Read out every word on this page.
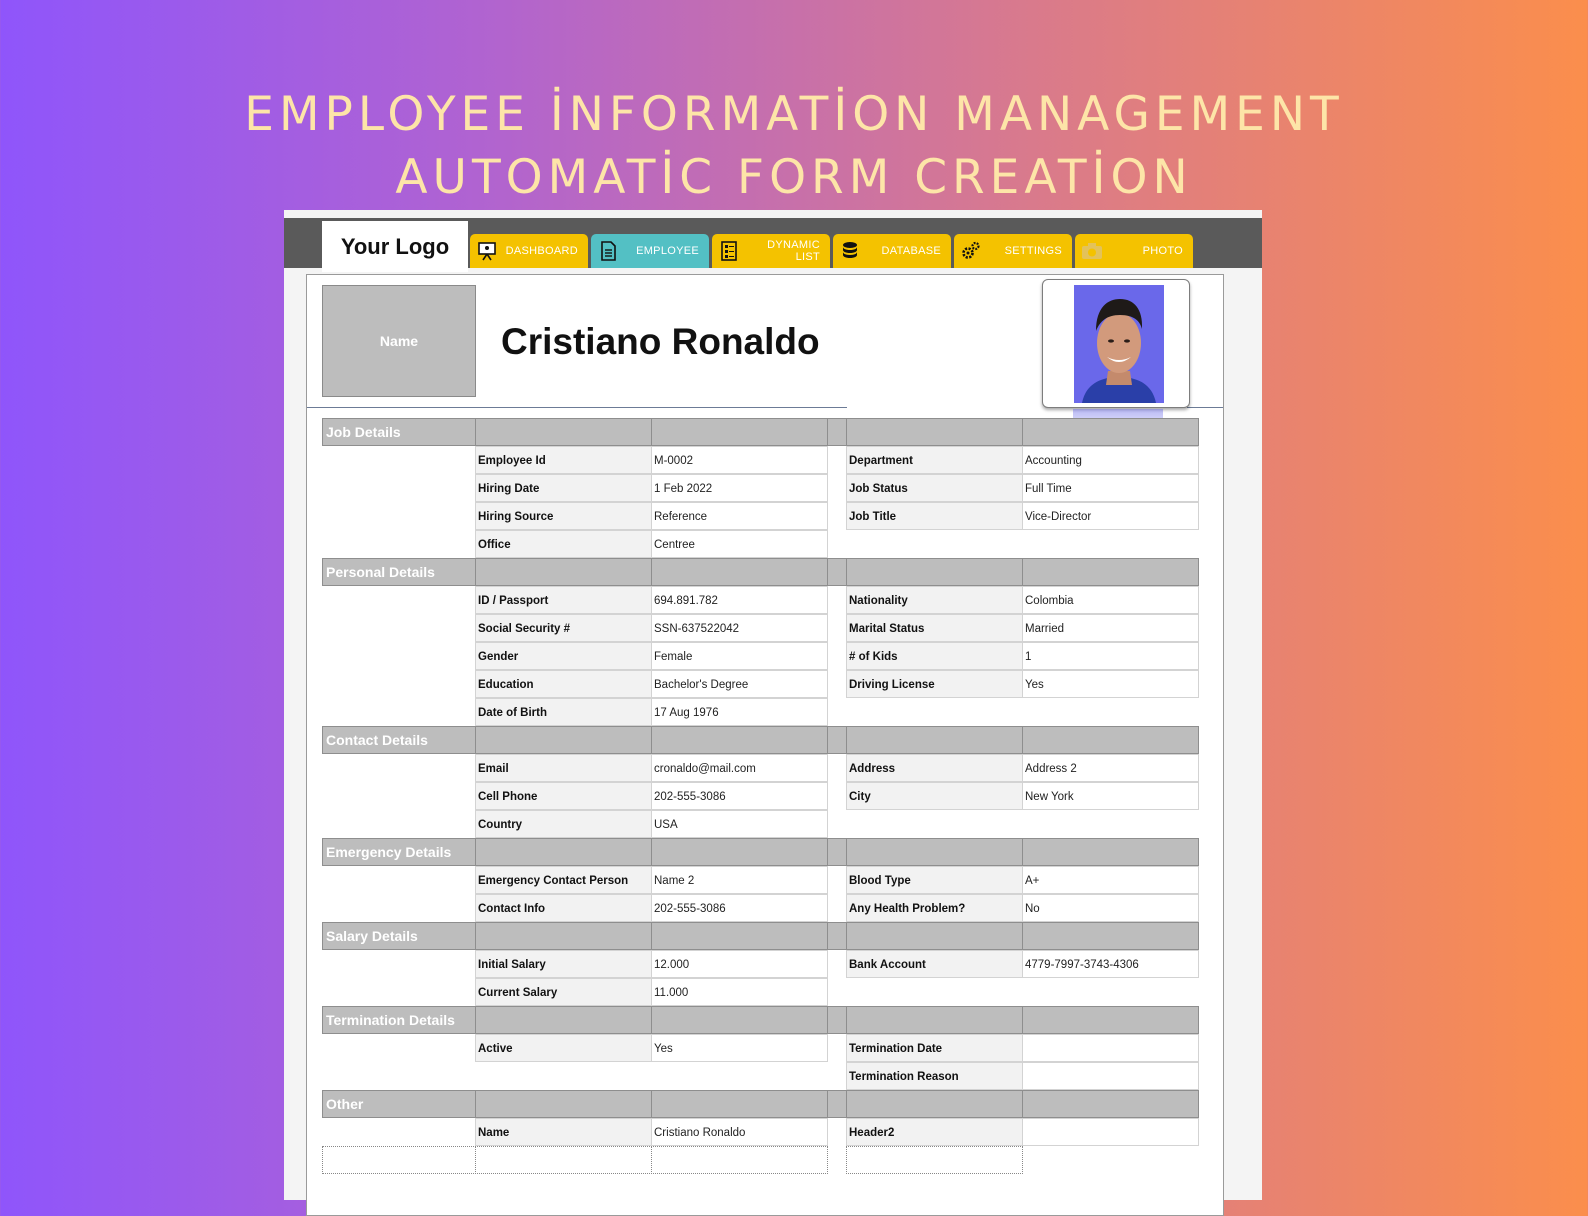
EMPLOYEE İNFORMATİON MANAGEMENT
AUTOMATİC FORM CREATİON
Your Logo	DASHBOARD	EMPLOYEE	DYNAMIC LIST	DATABASE	SETTINGS	PHOTO
Name	Cristiano Ronaldo
Job Details
Employee Id	M-0002	Department	Accounting
Hiring Date	1 Feb 2022	Job Status	Full Time
Hiring Source	Reference	Job Title	Vice-Director
Office	Centree
Personal Details
ID / Passport	694.891.782	Nationality	Colombia
Social Security #	SSN-637522042	Marital Status	Married
Gender	Female	# of Kids	1
Education	Bachelor's Degree	Driving License	Yes
Date of Birth	17 Aug 1976
Contact Details
Email	cronaldo@mail.com	Address	Address 2
Cell Phone	202-555-3086	City	New York
Country	USA
Emergency Details
Emergency Contact Person	Name 2	Blood Type	A+
Contact Info	202-555-3086	Any Health Problem?	No
Salary Details
Initial Salary	12.000	Bank Account	4779-7997-3743-4306
Current Salary	11.000
Termination Details
Active	Yes	Termination Date
Termination Reason
Other
Name	Cristiano Ronaldo	Header2
